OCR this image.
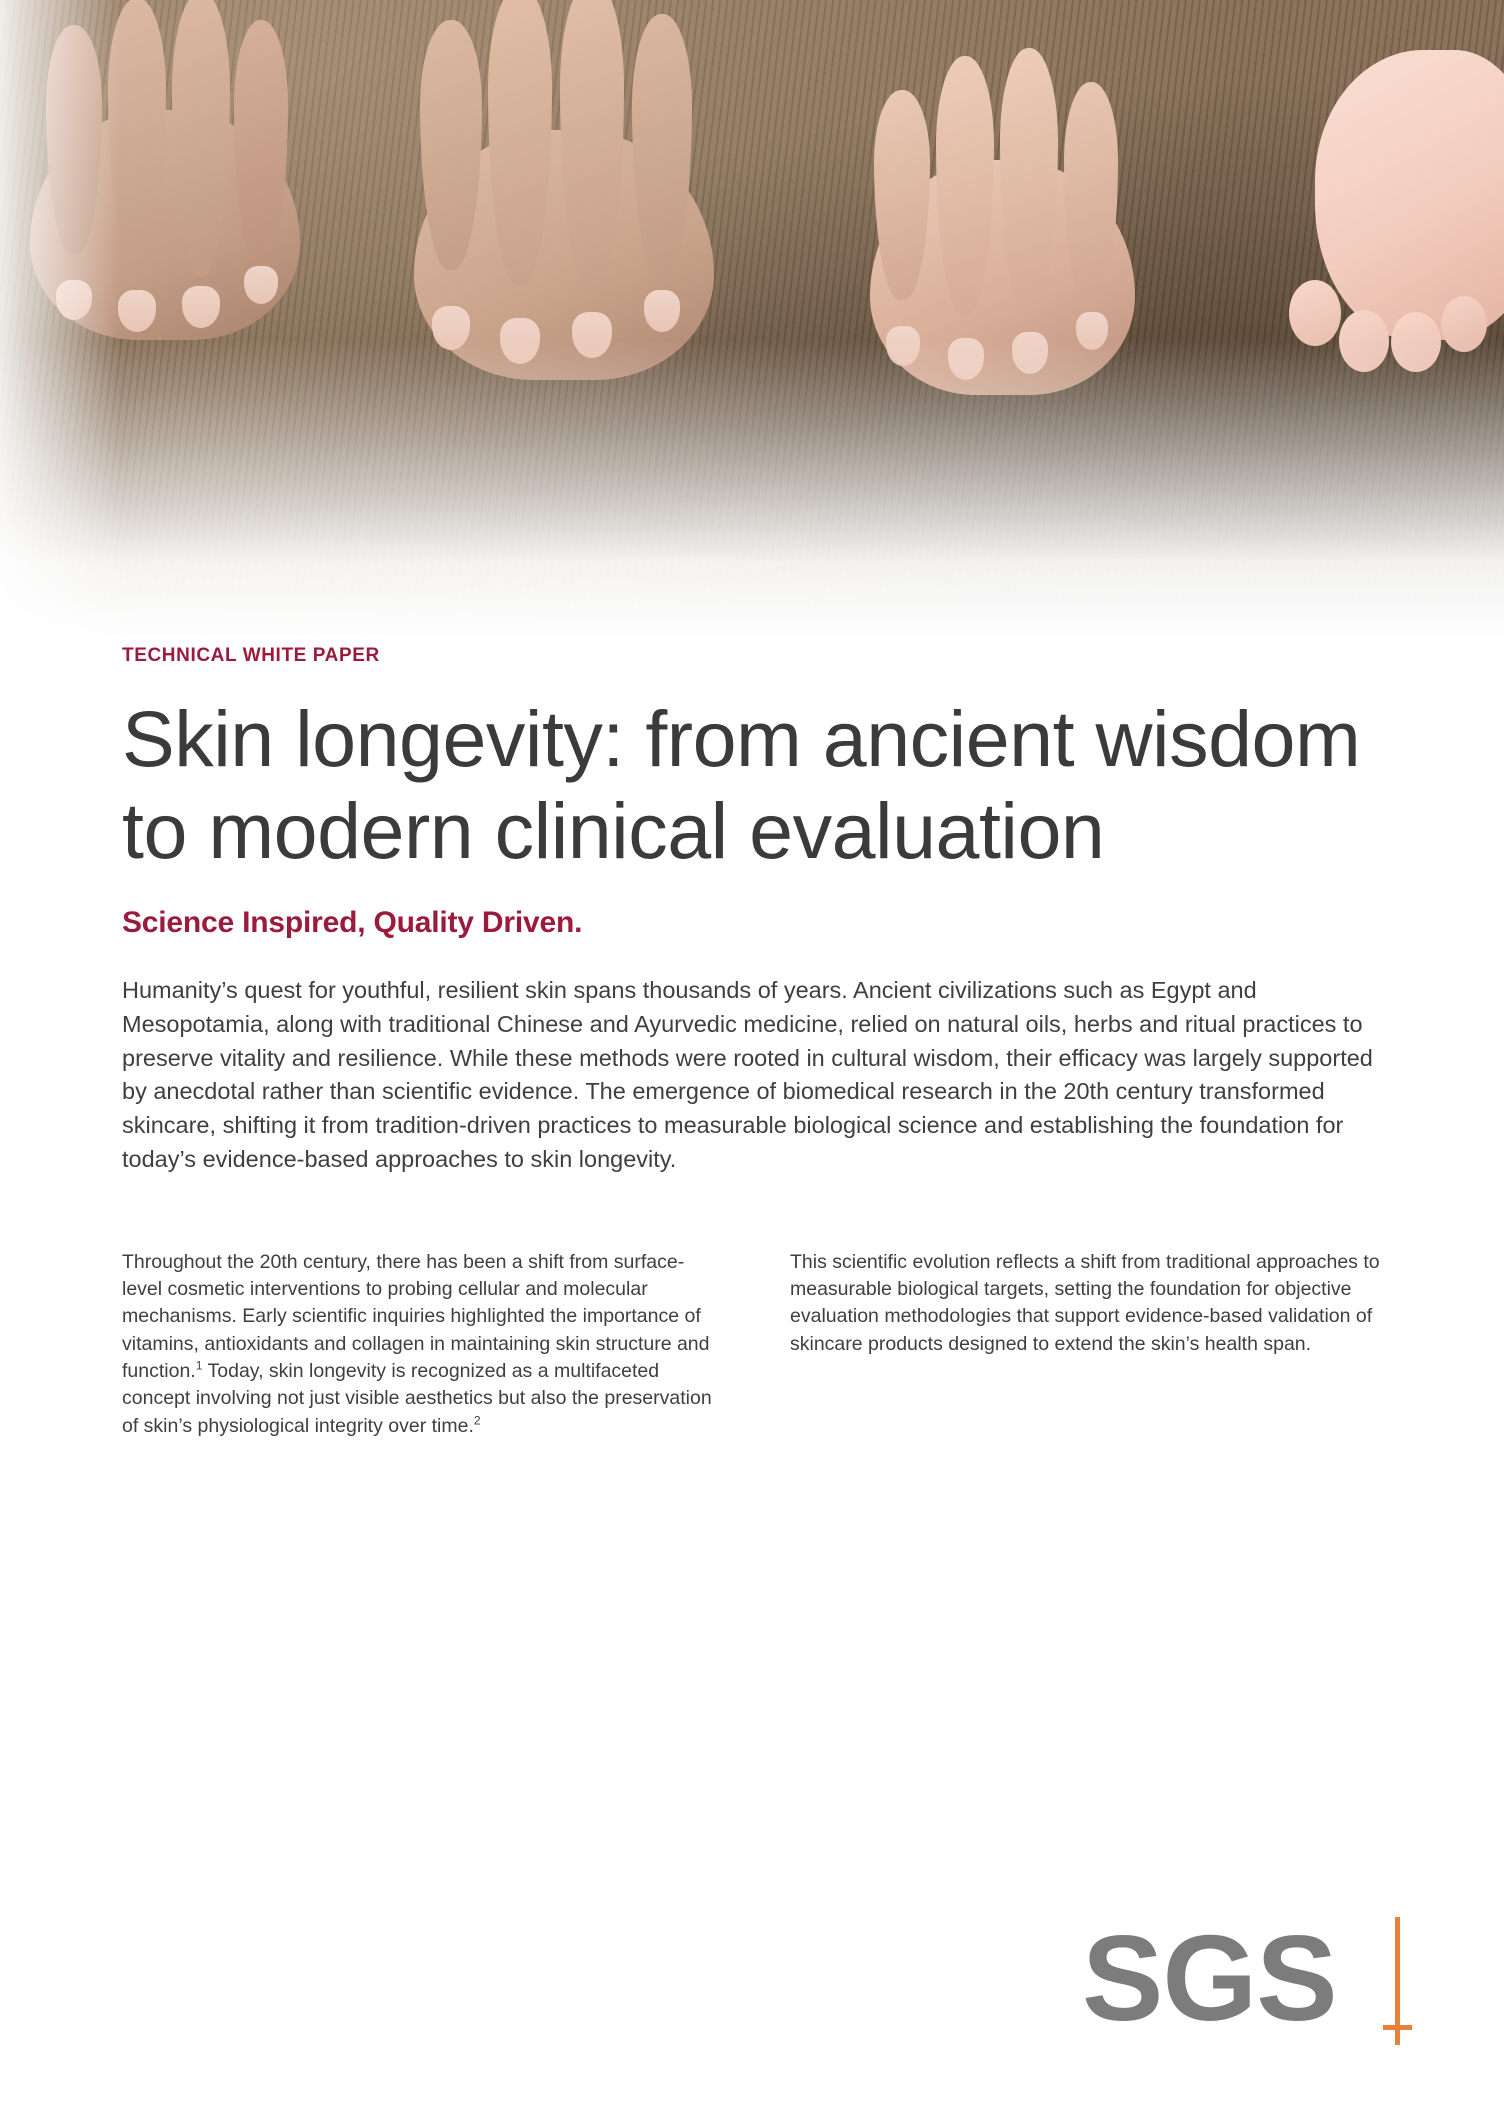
TECHNICAL WHITE PAPER
Skin longevity: from ancient wisdom to modern clinical evaluation
Science Inspired, Quality Driven.

Humanity’s quest for youthful, resilient skin spans thousands of years. Ancient civilizations such as Egypt and Mesopotamia, along with traditional Chinese and Ayurvedic medicine, relied on natural oils, herbs and ritual practices to preserve vitality and resilience. While these methods were rooted in cultural wisdom, their efficacy was largely supported by anecdotal rather than scientific evidence. The emergence of biomedical research in the 20th century transformed skincare, shifting it from tradition-driven practices to measurable biological science and establishing the foundation for today’s evidence-based approaches to skin longevity.

Throughout the 20th century, there has been a shift from surface-level cosmetic interventions to probing cellular and molecular mechanisms. Early scientific inquiries highlighted the importance of vitamins, antioxidants and collagen in maintaining skin structure and function.$^1$ Today, skin longevity is recognized as a multifaceted concept involving not just visible aesthetics but also the preservation of skin’s physiological integrity over time.$^2$

This scientific evolution reflects a shift from traditional approaches to measurable biological targets, setting the foundation for objective evaluation methodologies that support evidence-based validation of skincare products designed to extend the skin’s health span.

SGS
